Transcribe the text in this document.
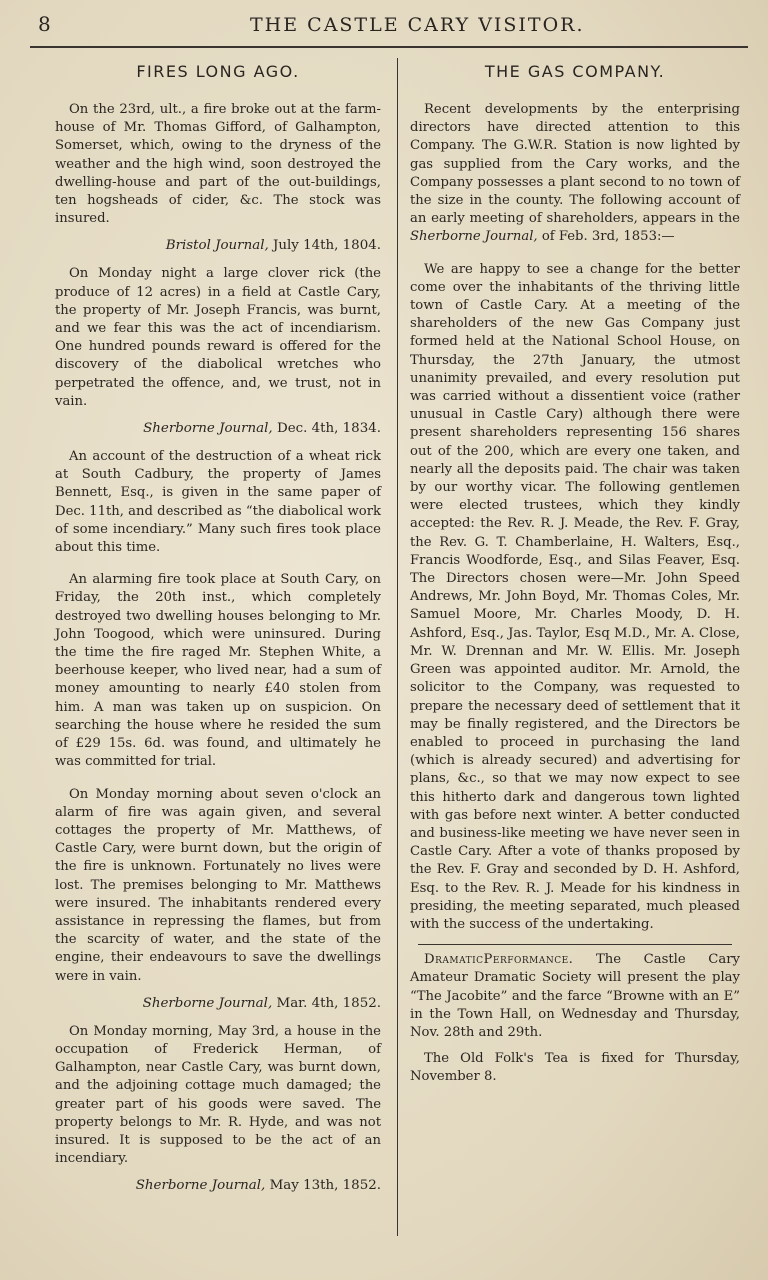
8	THE CASTLE CARY VISITOR.
FIRES LONG AGO.

On the 23rd, ult., a fire broke out at the farm-house of Mr. Thomas Gifford, of Galhampton, Somerset, which, owing to the dryness of the weather and the high wind, soon destroyed the dwelling-house and part of the out-buildings, ten hogsheads of cider, &c. The stock was insured.

Bristol Journal, July 14th, 1804.

On Monday night a large clover rick (the produce of 12 acres) in a field at Castle Cary, the property of Mr. Joseph Francis, was burnt, and we fear this was the act of incendiarism. One hundred pounds reward is offered for the discovery of the diabolical wretches who perpetrated the offence, and, we trust, not in vain.

Sherborne Journal, Dec. 4th, 1834.

An account of the destruction of a wheat rick at South Cadbury, the property of James Bennett, Esq., is given in the same paper of Dec. 11th, and described as “the diabolical work of some incendiary.” Many such fires took place about this time.

An alarming fire took place at South Cary, on Friday, the 20th inst., which completely destroyed two dwelling houses belonging to Mr. John Toogood, which were uninsured. During the time the fire raged Mr. Stephen White, a beerhouse keeper, who lived near, had a sum of money amounting to nearly £40 stolen from him. A man was taken up on suspicion. On searching the house where he resided the sum of £29 15s. 6d. was found, and ultimately he was committed for trial.

On Monday morning about seven o'clock an alarm of fire was again given, and several cottages the property of Mr. Matthews, of Castle Cary, were burnt down, but the origin of the fire is unknown. Fortunately no lives were lost. The premises belonging to Mr. Matthews were insured. The inhabitants rendered every assistance in repressing the flames, but from the scarcity of water, and the state of the engine, their endeavours to save the dwellings were in vain.

Sherborne Journal, Mar. 4th, 1852.

On Monday morning, May 3rd, a house in the occupation of Frederick Herman, of Galhampton, near Castle Cary, was burnt down, and the adjoining cottage much damaged; the greater part of his goods were saved. The property belongs to Mr. R. Hyde, and was not insured. It is supposed to be the act of an incendiary.

Sherborne Journal, May 13th, 1852.
THE GAS COMPANY.

Recent developments by the enterprising directors have directed attention to this Company. The G.W.R. Station is now lighted by gas supplied from the Cary works, and the Company possesses a plant second to no town of the size in the county. The following account of an early meeting of shareholders, appears in the Sherborne Journal, of Feb. 3rd, 1853:—

We are happy to see a change for the better come over the inhabitants of the thriving little town of Castle Cary. At a meeting of the shareholders of the new Gas Company just formed held at the National School House, on Thursday, the 27th January, the utmost unanimity prevailed, and every resolution put was carried without a dissentient voice (rather unusual in Castle Cary) although there were present shareholders representing 156 shares out of the 200, which are every one taken, and nearly all the deposits paid. The chair was taken by our worthy vicar. The following gentlemen were elected trustees, which they kindly accepted: the Rev. R. J. Meade, the Rev. F. Gray, the Rev. G. T. Chamberlaine, H. Walters, Esq., Francis Woodforde, Esq., and Silas Feaver, Esq. The Directors chosen were—Mr. John Speed Andrews, Mr. John Boyd, Mr. Thomas Coles, Mr. Samuel Moore, Mr. Charles Moody, D. H. Ashford, Esq., Jas. Taylor, Esq M.D., Mr. A. Close, Mr. W. Drennan and Mr. W. Ellis. Mr. Joseph Green was appointed auditor. Mr. Arnold, the solicitor to the Company, was requested to prepare the necessary deed of settlement that it may be finally registered, and the Directors be enabled to proceed in purchasing the land (which is already secured) and advertising for plans, &c., so that we may now expect to see this hitherto dark and dangerous town lighted with gas before next winter. A better conducted and business-like meeting we have never seen in Castle Cary. After a vote of thanks proposed by the Rev. F. Gray and seconded by D. H. Ashford, Esq. to the Rev. R. J. Meade for his kindness in presiding, the meeting separated, much pleased with the success of the undertaking.

DramaticPerformance. The Castle Cary Amateur Dramatic Society will present the play “The Jacobite” and the farce “Browne with an E” in the Town Hall, on Wednesday and Thursday, Nov. 28th and 29th.

The Old Folk's Tea is fixed for Thursday, November 8.
